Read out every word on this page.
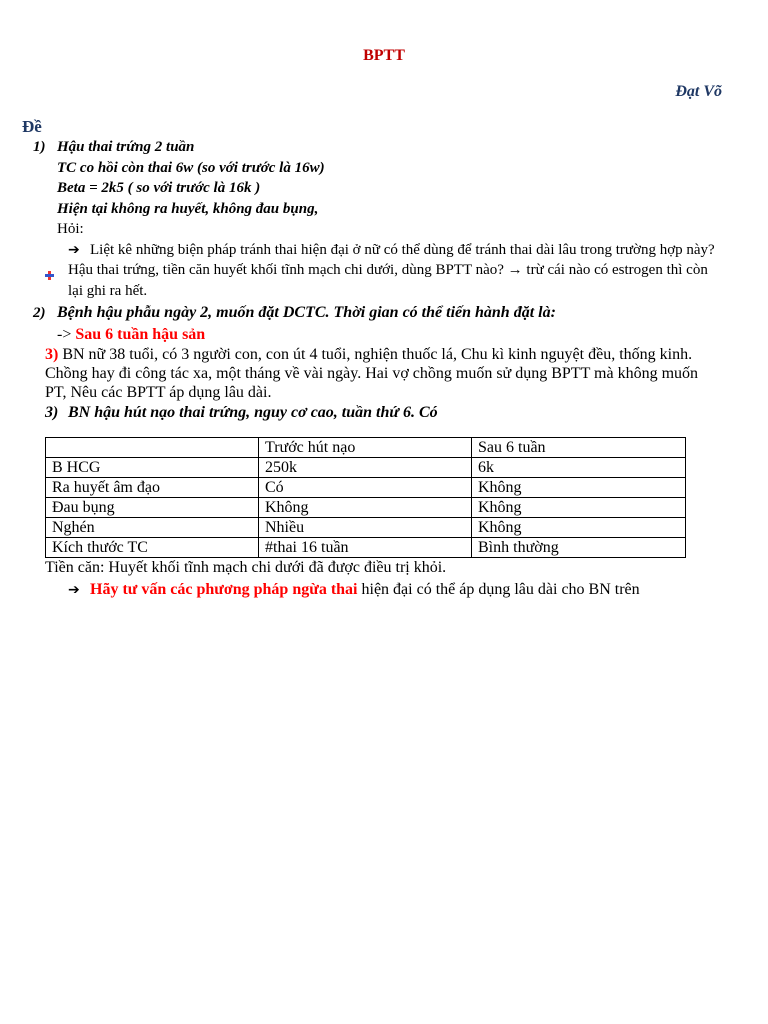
BPTT
Đạt Võ
Đề
1) Hậu thai trứng 2 tuần
TC co hồi còn thai 6w (so với trước là 16w)
Beta = 2k5 ( so với trước là 16k )
Hiện tại không ra huyết, không đau bụng,
Hỏi:
➔ Liệt kê những biện pháp tránh thai hiện đại ở nữ có thể dùng để tránh thai dài lâu trong trường hợp này?
Hậu thai trứng, tiền căn huyết khối tĩnh mạch chi dưới, dùng BPTT nào? → trừ cái nào có estrogen thì còn
lại ghi ra hết.
2) Bệnh hậu phẫu ngày 2, muốn đặt DCTC. Thời gian có thể tiến hành đặt là:
-> Sau 6 tuần hậu sản
3) BN nữ 38 tuổi, có 3 người con, con út 4 tuổi, nghiện thuốc lá, Chu kì kinh nguyệt đều, thống kinh.
Chồng hay đi công tác xa, một tháng về vài ngày. Hai vợ chồng muốn sử dụng BPTT mà không muốn
PT, Nêu các BPTT áp dụng lâu dài.
3) BN hậu hút nạo thai trứng, nguy cơ cao, tuần thứ 6. Có
	Trước hút nạo	Sau 6 tuần
B HCG	250k	6k
Ra huyết âm đạo	Có	Không
Đau bụng	Không	Không
Nghén	Nhiều	Không
Kích thước TC	#thai 16 tuần	Bình thường
Tiền căn: Huyết khối tĩnh mạch chi dưới đã được điều trị khỏi.
➔ Hãy tư vấn các phương pháp ngừa thai hiện đại có thể áp dụng lâu dài cho BN trên
